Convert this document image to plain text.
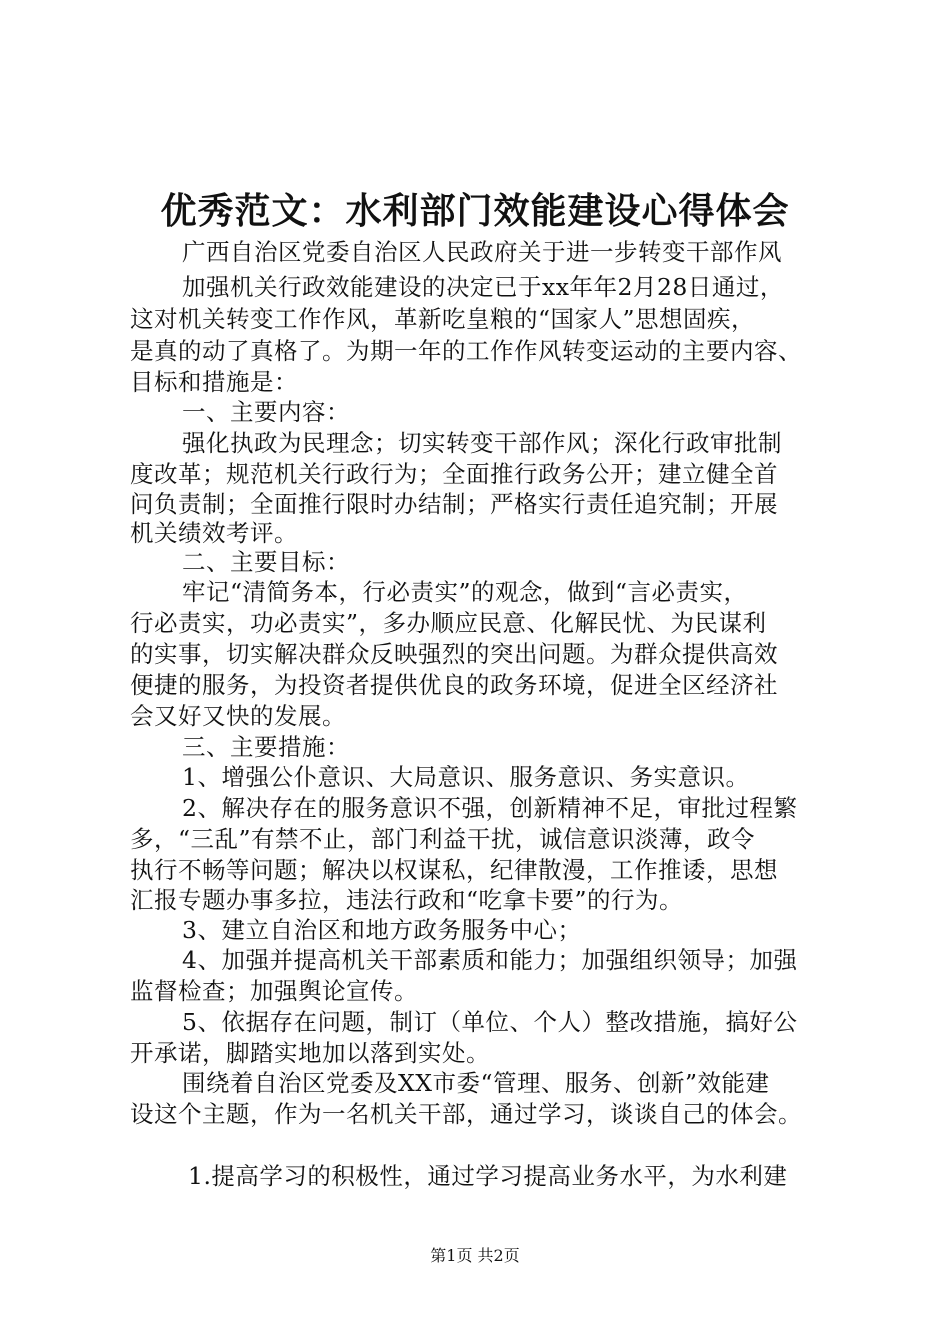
优秀范文：水利部门效能建设心得体会
广西自治区党委自治区人民政府关于进一步转变干部作风
加强机关行政效能建设的决定已于xx年年2月28日通过，
这对机关转变工作作风，革新吃皇粮的“国家人”思想固疾，
是真的动了真格了。为期一年的工作作风转变运动的主要内容、
目标和措施是：
一、主要内容：
强化执政为民理念；切实转变干部作风；深化行政审批制
度改革；规范机关行政行为；全面推行政务公开；建立健全首
问负责制；全面推行限时办结制；严格实行责任追究制；开展
机关绩效考评。
二、主要目标：
牢记“清简务本，行必责实”的观念，做到“言必责实，
行必责实，功必责实”，多办顺应民意、化解民忧、为民谋利
的实事，切实解决群众反映强烈的突出问题。为群众提供高效
便捷的服务，为投资者提供优良的政务环境，促进全区经济社
会又好又快的发展。
三、主要措施：
1、增强公仆意识、大局意识、服务意识、务实意识。
2、解决存在的服务意识不强，创新精神不足，审批过程繁
多，“三乱”有禁不止，部门利益干扰，诚信意识淡薄，政令
执行不畅等问题；解决以权谋私，纪律散漫，工作推诿，思想
汇报专题办事多拉，违法行政和“吃拿卡要”的行为。
3、建立自治区和地方政务服务中心；
4、加强并提高机关干部素质和能力；加强组织领导；加强
监督检查；加强舆论宣传。
5、依据存在问题，制订（单位、个人）整改措施，搞好公
开承诺，脚踏实地加以落到实处。
围绕着自治区党委及XX市委“管理、服务、创新”效能建
设这个主题，作为一名机关干部，通过学习，谈谈自己的体会。
1.提高学习的积极性，通过学习提高业务水平，为水利建
第1页 共2页
